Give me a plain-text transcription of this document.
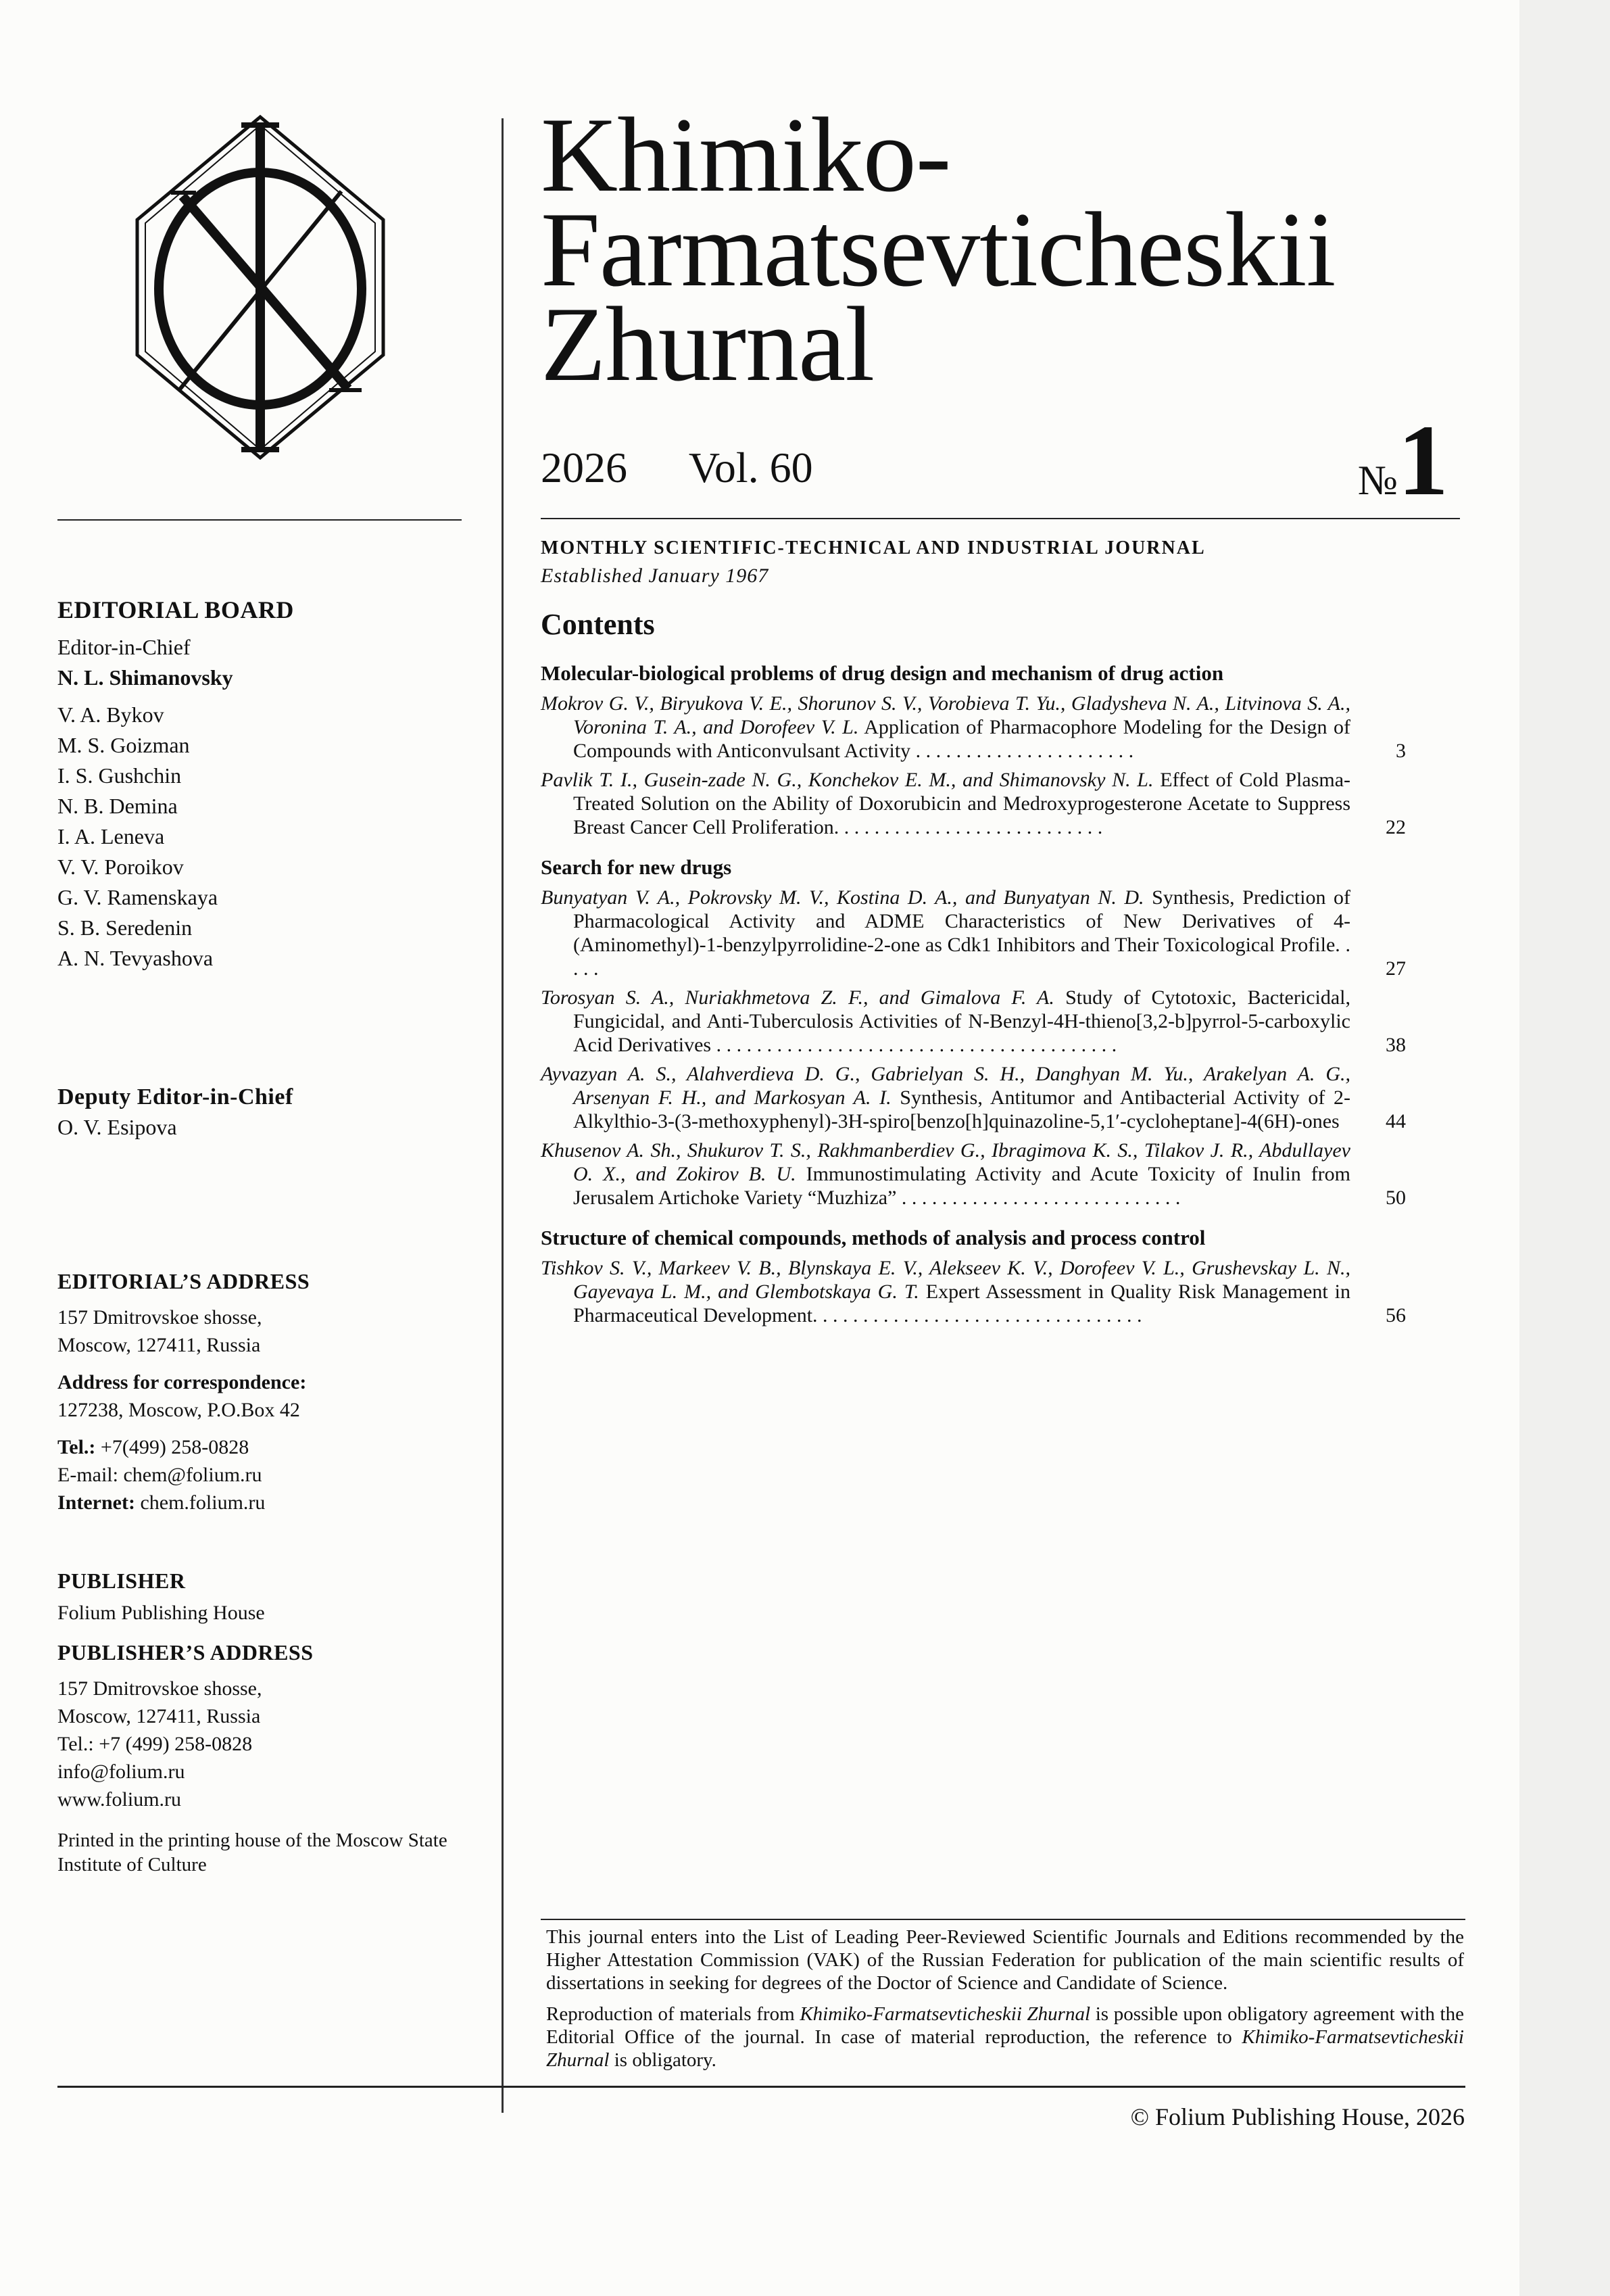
EDITORIAL BOARD

Editor-in-Chief

N. L. Shimanovsky

V. A. Bykov

M. S. Goizman

I. S. Gushchin

N. B. Demina

I. A. Leneva

V. V. Poroikov

G. V. Ramenskaya

S. B. Seredenin

A. N. Tevyashova

Deputy Editor-in-Chief

O. V. Esipova

EDITORIAL’S ADDRESS

157 Dmitrovskoe shosse,

Moscow, 127411, Russia

Address for correspondence:

127238, Moscow, P.O.Box 42

Tel.: +7(499) 258-0828

E-mail: chem@folium.ru

Internet: chem.folium.ru

PUBLISHER

Folium Publishing House

PUBLISHER’S ADDRESS

157 Dmitrovskoe shosse,

Moscow, 127411, Russia

Tel.: +7 (499) 258-0828

info@folium.ru

www.folium.ru

Printed in the printing house of the Moscow State Institute of Culture

Khimiko-
Farmatsevticheskii
Zhurnal
2026 Vol. 60	№1
MONTHLY SCIENTIFIC-TECHNICAL AND INDUSTRIAL JOURNAL
Established January 1967
Contents
Molecular-biological problems of drug design and mechanism of drug action
Mokrov G. V., Biryukova V. E., Shorunov S. V., Vorobieva T. Yu., Gladysheva N. A., Litvinova S. A., Voronina T. A., and Dorofeev V. L. Application of Pharmacophore Modeling for the Design of Compounds with Anticonvulsant Activity . . . . . . . . . . . . . . . . . . . . . .	3
Pavlik T. I., Gusein-zade N. G., Konchekov E. M., and Shimanovsky N. L. Effect of Cold Plasma-Treated Solution on the Ability of Doxorubicin and Medroxyprogesterone Acetate to Suppress Breast Cancer Cell Proliferation. . . . . . . . . . . . . . . . . . . . . . . . . . .	22
Search for new drugs
Bunyatyan V. A., Pokrovsky M. V., Kostina D. A., and Bunyatyan N. D. Synthesis, Prediction of Pharmacological Activity and ADME Characteristics of New Derivatives of 4-(Aminomethyl)-1-benzylpyrrolidine-2-one as Cdk1 Inhibitors and Their Toxicological Profile. . . . .	27
Torosyan S. A., Nuriakhmetova Z. F., and Gimalova F. A. Study of Cytotoxic, Bactericidal, Fungicidal, and Anti-Tuberculosis Activities of N-Benzyl-4H-thieno[3,2-b]pyrrol-5-carboxylic Acid Derivatives . . . . . . . . . . . . . . . . . . . . . . . . . . . . . . . . . . . . . . . .	38
Ayvazyan A. S., Alahverdieva D. G., Gabrielyan S. H., Danghyan M. Yu., Arakelyan A. G., Arsenyan F. H., and Markosyan A. I. Synthesis, Antitumor and Antibacterial Activity of 2-Alkylthio-3-(3-methoxyphenyl)-3H-spiro[benzo[h]quinazoline-5,1′-cycloheptane]-4(6H)-ones	44
Khusenov A. Sh., Shukurov T. S., Rakhmanberdiev G., Ibragimova K. S., Tilakov J. R., Abdullayev O. X., and Zokirov B. U. Immunostimulating Activity and Acute Toxicity of Inulin from Jerusalem Artichoke Variety “Muzhiza” . . . . . . . . . . . . . . . . . . . . . . . . . . . .	50
Structure of chemical compounds, methods of analysis and process control
Tishkov S. V., Markeev V. B., Blynskaya E. V., Alekseev K. V., Dorofeev V. L., Grushevskay L. N., Gayevaya L. M., and Glembotskaya G. T. Expert Assessment in Quality Risk Management in Pharmaceutical Development. . . . . . . . . . . . . . . . . . . . . . . . . . . . . . . . .	56

This journal enters into the List of Leading Peer-Reviewed Scientific Journals and Editions recommended by the Higher Attestation Commission (VAK) of the Russian Federation for publication of the main scientific results of dissertations in seeking for degrees of the Doctor of Science and Candidate of Science.

Reproduction of materials from Khimiko-Farmatsevticheskii Zhurnal is possible upon obligatory agreement with the Editorial Office of the journal. In case of material reproduction, the reference to Khimiko-Farmatsevticheskii Zhurnal is obligatory.

© Folium Publishing House, 2026
